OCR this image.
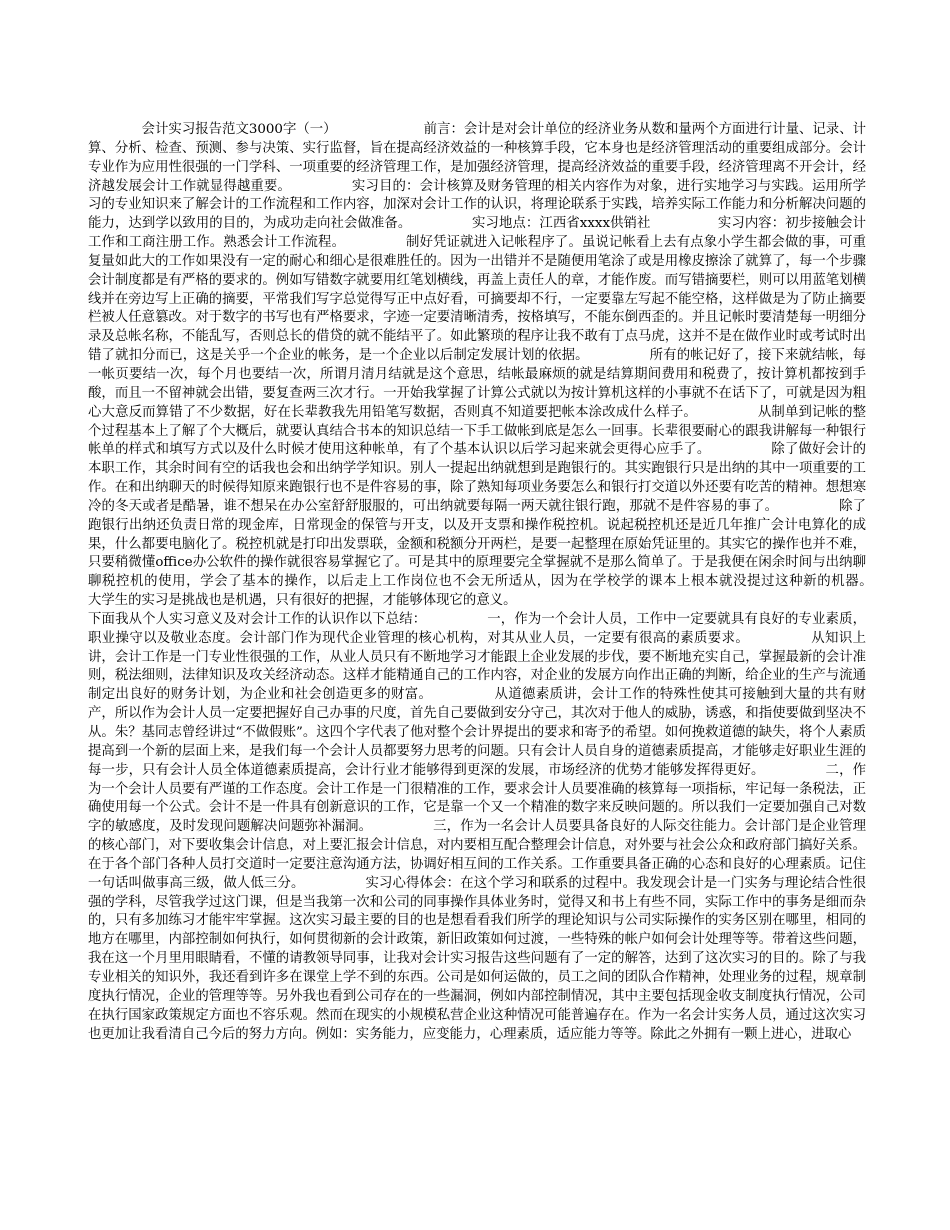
　　　　会计实习报告范文3000字（一）　　　　　　　前言：会计是对会计单位的经济业务从数和量两个方面进行计量、记录、计算、分析、检查、预测、参与决策、实行监督，旨在提高经济效益的一种核算手段，它本身也是经济管理活动的重要组成部分。会计专业作为应用性很强的一门学科、一项重要的经济管理工作，是加强经济管理，提高经济效益的重要手段，经济管理离不开会计，经济越发展会计工作就显得越重要。　　　　　实习目的：会计核算及财务管理的相关内容作为对象，进行实地学习与实践。运用所学习的专业知识来了解会计的工作流程和工作内容，加深对会计工作的认识，将理论联系于实践，培养实际工作能力和分析解决问题的能力，达到学以致用的目的，为成功走向社会做准备。　　　　　实习地点：江西省xxxx供销社　　　　　实习内容：初步接触会计工作和工商注册工作。熟悉会计工作流程。　　　　　制好凭证就进入记帐程序了。虽说记帐看上去有点象小学生都会做的事，可重复量如此大的工作如果没有一定的耐心和细心是很难胜任的。因为一出错并不是随便用笔涂了或是用橡皮擦涂了就算了，每一个步骤会计制度都是有严格的要求的。例如写错数字就要用红笔划横线，再盖上责任人的章，才能作废。而写错摘要栏，则可以用蓝笔划横线并在旁边写上正确的摘要，平常我们写字总觉得写正中点好看，可摘要却不行，一定要靠左写起不能空格，这样做是为了防止摘要栏被人任意篡改。对于数字的书写也有严格要求，字迹一定要清晰清秀，按格填写，不能东倒西歪的。并且记帐时要清楚每一明细分录及总帐名称，不能乱写，否则总长的借贷的就不能结平了。如此繁琐的程序让我不敢有丁点马虎，这并不是在做作业时或考试时出错了就扣分而已，这是关乎一个企业的帐务，是一个企业以后制定发展计划的依据。　　　　　所有的帐记好了，接下来就结帐，每一帐页要结一次，每个月也要结一次，所谓月清月结就是这个意思，结帐最麻烦的就是结算期间费用和税费了，按计算机都按到手酸，而且一不留神就会出错，要复查两三次才行。一开始我掌握了计算公式就以为按计算机这样的小事就不在话下了，可就是因为粗心大意反而算错了不少数据，好在长辈教我先用铅笔写数据，否则真不知道要把帐本涂改成什么样子。　　　　　从制单到记帐的整个过程基本上了解了个大概后，就要认真结合书本的知识总结一下手工做帐到底是怎么一回事。长辈很要耐心的跟我讲解每一种银行帐单的样式和填写方式以及什么时候才使用这种帐单，有了个基本认识以后学习起来就会更得心应手了。　　　　　除了做好会计的本职工作，其余时间有空的话我也会和出纳学学知识。别人一提起出纳就想到是跑银行的。其实跑银行只是出纳的其中一项重要的工作。在和出纳聊天的时候得知原来跑银行也不是件容易的事，除了熟知每项业务要怎么和银行打交道以外还要有吃苦的精神。想想寒冷的冬天或者是酷暑，谁不想呆在办公室舒舒服服的，可出纳就要每隔一两天就往银行跑，那就不是件容易的事了。　　　　　除了跑银行出纳还负责日常的现金库，日常现金的保管与开支，以及开支票和操作税控机。说起税控机还是近几年推广会计电算化的成果，什么都要电脑化了。税控机就是打印出发票联，金额和税额分开两栏，是要一起整理在原始凭证里的。其实它的操作也并不难，只要稍微懂office办公软件的操作就很容易掌握它了。可是其中的原理要完全掌握就不是那么简单了。于是我便在闲余时间与出纳聊聊税控机的使用，学会了基本的操作，以后走上工作岗位也不会无所适从，因为在学校学的课本上根本就没提过这种新的机器。　　　　　大学生的实习是挑战也是机遇，只有很好的把握，才能够体现它的意义。

下面我从个人实习意义及对会计工作的认识作以下总结：　　　　　一，作为一个会计人员，工作中一定要就具有良好的专业素质，职业操守以及敬业态度。会计部门作为现代企业管理的核心机构，对其从业人员，一定要有很高的素质要求。　　　　　从知识上讲，会计工作是一门专业性很强的工作，从业人员只有不断地学习才能跟上企业发展的步伐，要不断地充实自己，掌握最新的会计准则，税法细则，法律知识及攻关经济动态。这样才能精通自己的工作内容，对企业的发展方向作出正确的判断，给企业的生产与流通制定出良好的财务计划，为企业和社会创造更多的财富。　　　　　从道德素质讲，会计工作的特殊性使其可接触到大量的共有财产，所以作为会计人员一定要把握好自己办事的尺度，首先自己要做到安分守己，其次对于他人的威胁，诱惑，和指使要做到坚决不从。朱？基同志曾经讲过“不做假账”。这四个字代表了他对整个会计界提出的要求和寄予的希望。如何挽救道德的缺失，将个人素质提高到一个新的层面上来，是我们每一个会计人员都要努力思考的问题。只有会计人员自身的道德素质提高，才能够走好职业生涯的每一步，只有会计人员全体道德素质提高，会计行业才能够得到更深的发展，市场经济的优势才能够发挥得更好。　　　　　二，作为一个会计人员要有严谨的工作态度。会计工作是一门很精准的工作，要求会计人员要准确的核算每一项指标，牢记每一条税法，正确使用每一个公式。会计不是一件具有创新意识的工作，它是靠一个又一个精准的数字来反映问题的。所以我们一定要加强自己对数字的敏感度，及时发现问题解决问题弥补漏洞。　　　　　三，作为一名会计人员要具备良好的人际交往能力。会计部门是企业管理的核心部门，对下要收集会计信息，对上要汇报会计信息，对内要相互配合整理会计信息，对外要与社会公众和政府部门搞好关系。在于各个部门各种人员打交道时一定要注意沟通方法，协调好相互间的工作关系。工作重要具备正确的心态和良好的心理素质。记住一句话叫做事高三级，做人低三分。　　　　　实习心得体会：在这个学习和联系的过程中。我发现会计是一门实务与理论结合性很强的学科，尽管我学过这门课，但是当我第一次和公司的同事操作具体业务时，觉得又和书上有些不同，实际工作中的事务是细而杂的，只有多加练习才能牢牢掌握。这次实习最主要的目的也是想看看我们所学的理论知识与公司实际操作的实务区别在哪里，相同的地方在哪里，内部控制如何执行，如何贯彻新的会计政策，新旧政策如何过渡，一些特殊的帐户如何会计处理等等。带着这些问题，我在这一个月里用眼睛看，不懂的请教领导同事，让我对会计实习报告这些问题有了一定的解答，达到了这次实习的目的。除了与我专业相关的知识外，我还看到许多在课堂上学不到的东西。公司是如何运做的，员工之间的团队合作精神，处理业务的过程，规章制度执行情况，企业的管理等等。另外我也看到公司存在的一些漏洞，例如内部控制情况，其中主要包括现金收支制度执行情况，公司在执行国家政策规定方面也不容乐观。然而在现实的小规模私营企业这种情况可能普遍存在。作为一名会计实务人员，通过这次实习也更加让我看清自己今后的努力方向。例如：实务能力，应变能力，心理素质，适应能力等等。除此之外拥有一颗上进心，进取心
